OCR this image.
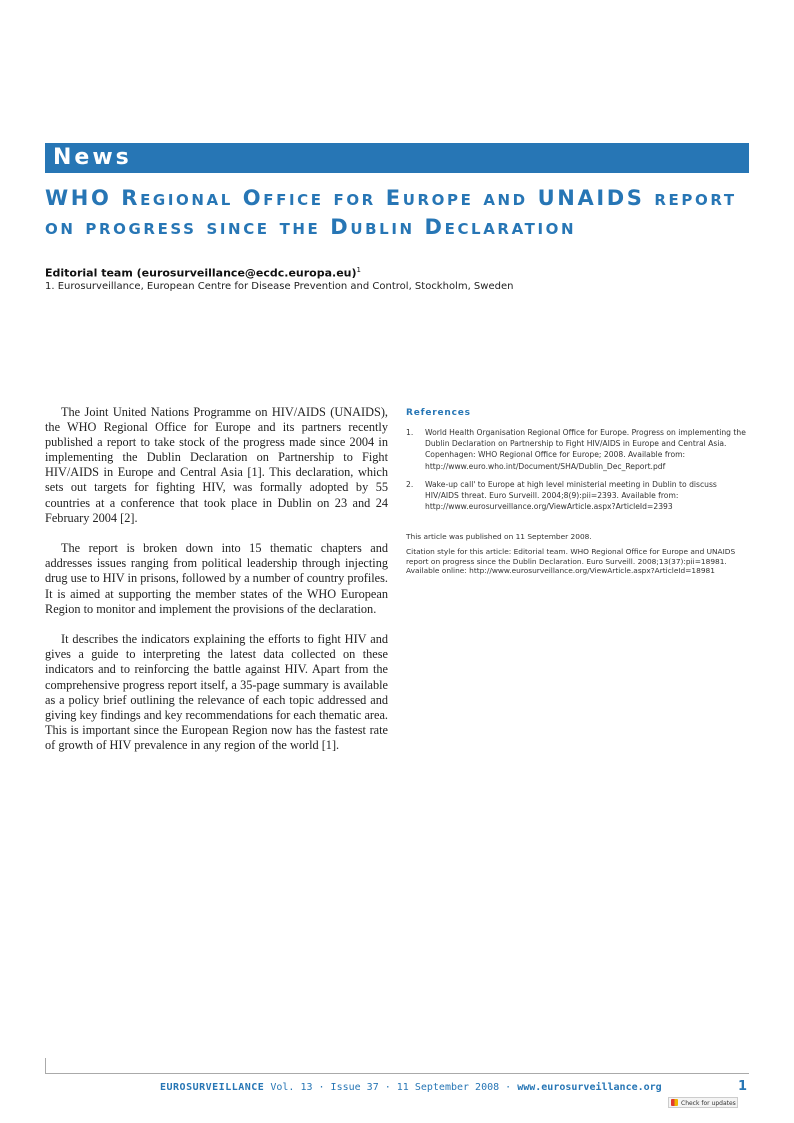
News
WHO Regional Office for Europe and UNAIDS report on progress since the Dublin Declaration
Editorial team (eurosurveillance@ecdc.europa.eu)$^1$
1. Eurosurveillance, European Centre for Disease Prevention and Control, Stockholm, Sweden

The Joint United Nations Programme on HIV/AIDS (UNAIDS), the WHO Regional Office for Europe and its partners recently published a report to take stock of the progress made since 2004 in implementing the Dublin Declaration on Partnership to Fight HIV/AIDS in Europe and Central Asia [1]. This declaration, which sets out targets for fighting HIV, was formally adopted by 55 countries at a conference that took place in Dublin on 23 and 24 February 2004 [2].

The report is broken down into 15 thematic chapters and addresses issues ranging from political leadership through injecting drug use to HIV in prisons, followed by a number of country profiles. It is aimed at supporting the member states of the WHO European Region to monitor and implement the provisions of the declaration.

It describes the indicators explaining the efforts to fight HIV and gives a guide to interpreting the latest data collected on these indicators and to reinforcing the battle against HIV. Apart from the comprehensive progress report itself, a 35-page summary is available as a policy brief outlining the relevance of each topic addressed and giving key findings and key recommendations for each thematic area. This is important since the European Region now has the fastest rate of growth of HIV prevalence in any region of the world [1].

References
1. World Health Organisation Regional Office for Europe. Progress on implementing the Dublin Declaration on Partnership to Fight HIV/AIDS in Europe and Central Asia. Copenhagen: WHO Regional Office for Europe; 2008. Available from: http://www.euro.who.int/Document/SHA/Dublin_Dec_Report.pdf
2. Wake-up call' to Europe at high level ministerial meeting in Dublin to discuss HIV/AIDS threat. Euro Surveill. 2004;8(9):pii=2393. Available from: http://www.eurosurveillance.org/ViewArticle.aspx?ArticleId=2393

This article was published on 11 September 2008.

Citation style for this article: Editorial team. WHO Regional Office for Europe and UNAIDS report on progress since the Dublin Declaration. Euro Surveill. 2008;13(37):pii=18981. Available online: http://www.eurosurveillance.org/ViewArticle.aspx?ArticleId=18981

EUROSURVEILLANCE Vol. 13 · Issue 37 · 11 September 2008 · www.eurosurveillance.org	1
Check for updates
